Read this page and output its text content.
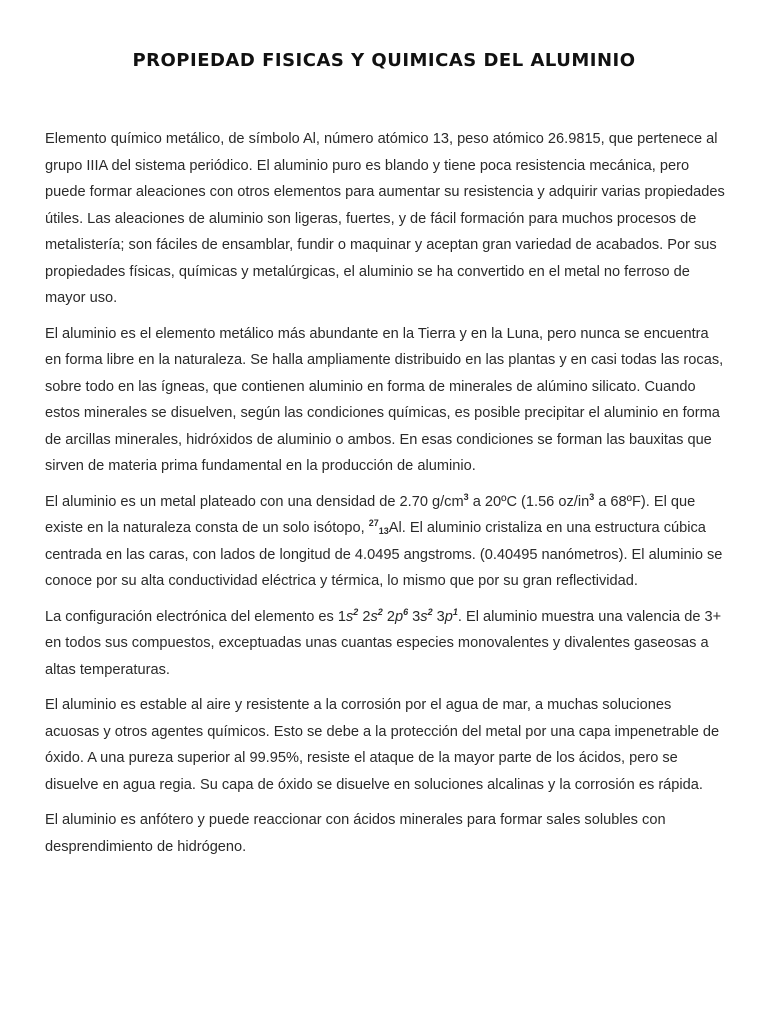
PROPIEDAD FISICAS Y QUIMICAS DEL ALUMINIO

Elemento químico metálico, de símbolo Al, número atómico 13, peso atómico 26.9815, que pertenece al grupo IIIA del sistema periódico. El aluminio puro es blando y tiene poca resistencia mecánica, pero puede formar aleaciones con otros elementos para aumentar su resistencia y adquirir varias propiedades útiles. Las aleaciones de aluminio son ligeras, fuertes, y de fácil formación para muchos procesos de metalistería; son fáciles de ensamblar, fundir o maquinar y aceptan gran variedad de acabados. Por sus propiedades físicas, químicas y metalúrgicas, el aluminio se ha convertido en el metal no ferroso de mayor uso.

El aluminio es el elemento metálico más abundante en la Tierra y en la Luna, pero nunca se encuentra en forma libre en la naturaleza. Se halla ampliamente distribuido en las plantas y en casi todas las rocas, sobre todo en las ígneas, que contienen aluminio en forma de minerales de alúmino silicato. Cuando estos minerales se disuelven, según las condiciones químicas, es posible precipitar el aluminio en forma de arcillas minerales, hidróxidos de aluminio o ambos. En esas condiciones se forman las bauxitas que sirven de materia prima fundamental en la producción de aluminio.

El aluminio es un metal plateado con una densidad de 2.70 $g/cm^3$ a 20ºC (1.56 $oz/in^3$ a 68ºF). El que existe en la naturaleza consta de un solo isótopo, $^{27}_{13}$Al. El aluminio cristaliza en una estructura cúbica centrada en las caras, con lados de longitud de 4.0495 angstroms. (0.40495 nanómetros). El aluminio se conoce por su alta conductividad eléctrica y térmica, lo mismo que por su gran reflectividad.

La configuración electrónica del elemento es $1s^2$ $2s^2$ $2p^6$ $3s^2$ $3p^1$. El aluminio muestra una valencia de 3+ en todos sus compuestos, exceptuadas unas cuantas especies monovalentes y divalentes gaseosas a altas temperaturas.

El aluminio es estable al aire y resistente a la corrosión por el agua de mar, a muchas soluciones acuosas y otros agentes químicos. Esto se debe a la protección del metal por una capa impenetrable de óxido. A una pureza superior al 99.95%, resiste el ataque de la mayor parte de los ácidos, pero se disuelve en agua regia. Su capa de óxido se disuelve en soluciones alcalinas y la corrosión es rápida.

El aluminio es anfótero y puede reaccionar con ácidos minerales para formar sales solubles con desprendimiento de hidrógeno.
